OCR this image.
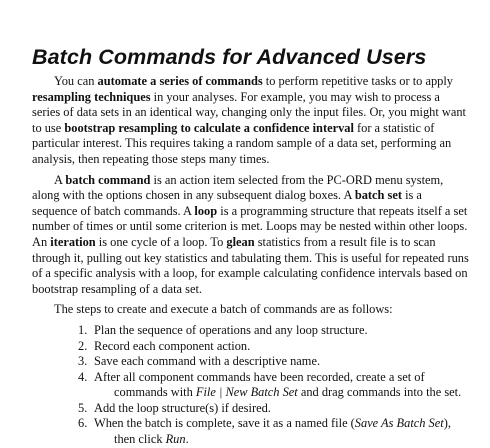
Batch Commands for Advanced Users

You can automate a series of commands to perform repetitive tasks or to apply resampling techniques in your analyses. For example, you may wish to process a series of data sets in an identical way, changing only the input files. Or, you might want to use bootstrap resampling to calculate a confidence interval for a statistic of particular interest. This requires taking a random sample of a data set, performing an analysis, then repeating those steps many times.

A batch command is an action item selected from the PC-ORD menu system, along with the options chosen in any subsequent dialog boxes. A batch set is a sequence of batch commands. A loop is a programming structure that repeats itself a set number of times or until some criterion is met. Loops may be nested within other loops. An iteration is one cycle of a loop. To glean statistics from a result file is to scan through it, pulling out key statistics and tabulating them. This is useful for repeated runs of a specific analysis with a loop, for example calculating confidence intervals based on bootstrap resampling of a data set.

The steps to create and execute a batch of commands are as follows:

1. Plan the sequence of operations and any loop structure.
2. Record each component action.
3. Save each command with a descriptive name.
4. After all component commands have been recorded, create a set of
commands with File | New Batch Set and drag commands into the set.
5. Add the loop structure(s) if desired.
6. When the batch is complete, save it as a named file (Save As Batch Set),
then click Run.
